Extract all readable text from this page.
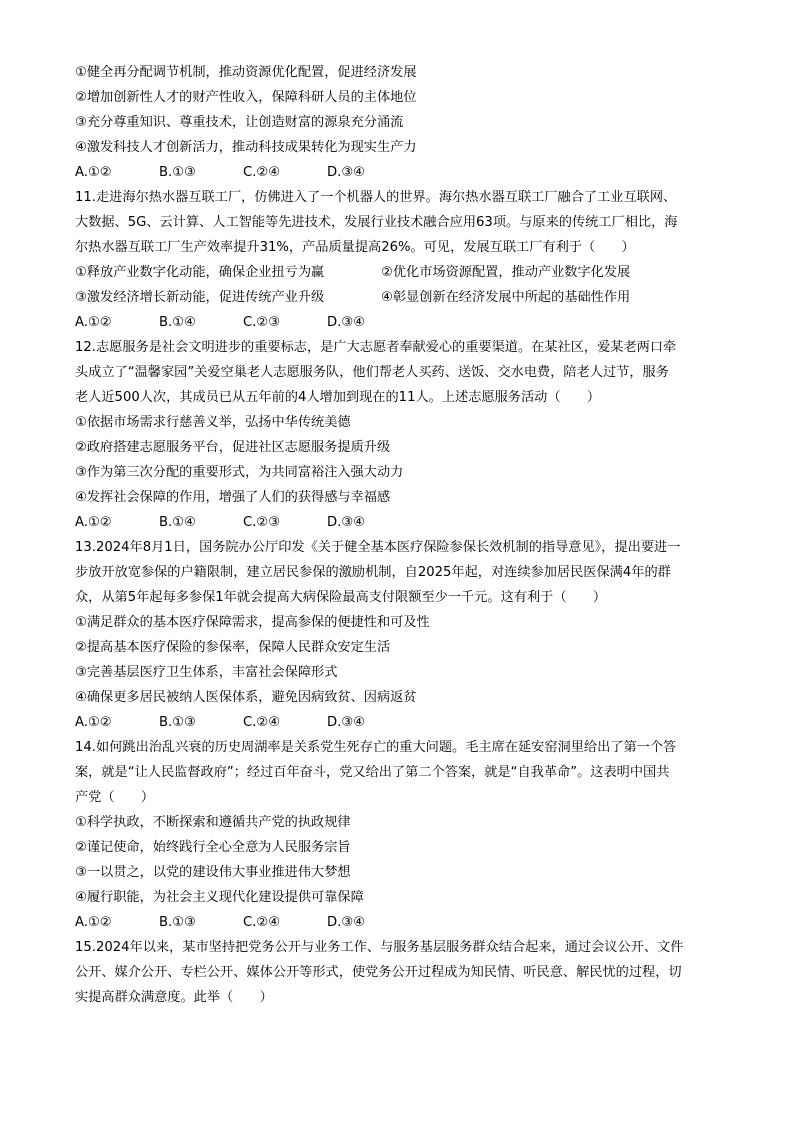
①健全再分配调节机制，推动资源优化配置，促进经济发展
②增加创新性人才的财产性收入，保障科研人员的主体地位
③充分尊重知识、尊重技术，让创造财富的源泉充分涌流
④激发科技人才创新活力，推动科技成果转化为现实生产力
A.①②	B.①③	C.②④	D.③④
11.走进海尔热水器互联工厂，仿佛进入了一个机器人的世界。海尔热水器互联工厂融合了工业互联网、
大数据、5G、云计算、人工智能等先进技术，发展行业技术融合应用63项。与原来的传统工厂相比，海
尔热水器互联工厂生产效率提升31%，产品质量提高26%。可见，发展互联工厂有利于（　　）
①释放产业数字化动能，确保企业扭亏为赢	②优化市场资源配置，推动产业数字化发展
③激发经济增长新动能，促进传统产业升级	④彰显创新在经济发展中所起的基础性作用
A.①②	B.①④	C.②③	D.③④
12.志愿服务是社会文明进步的重要标志，是广大志愿者奉献爱心的重要渠道。在某社区，爱某老两口牵
头成立了“温馨家园”关爱空巢老人志愿服务队，他们帮老人买药、送饭、交水电费，陪老人过节，服务
老人近500人次，其成员已从五年前的4人增加到现在的11人。上述志愿服务活动（　　）
①依据市场需求行慈善义举，弘扬中华传统美德
②政府搭建志愿服务平台，促进社区志愿服务提质升级
③作为第三次分配的重要形式，为共同富裕注入强大动力
④发挥社会保障的作用，增强了人们的获得感与幸福感
A.①②	B.①④	C.②③	D.③④
13.2024年8月1日，国务院办公厅印发《关于健全基本医疗保险参保长效机制的指导意见》，提出要进一
步放开放宽参保的户籍限制，建立居民参保的激励机制，自2025年起，对连续参加居民医保满4年的群
众，从第5年起每多参保1年就会提高大病保险最高支付限额至少一千元。这有利于（　　）
①满足群众的基本医疗保障需求，提高参保的便捷性和可及性
②提高基本医疗保险的参保率，保障人民群众安定生活
③完善基层医疗卫生体系，丰富社会保障形式
④确保更多居民被纳人医保体系，避免因病致贫、因病返贫
A.①②	B.①③	C.②④	D.③④
14.如何跳出治乱兴衰的历史周湖率是关系党生死存亡的重大问题。毛主席在延安窑洞里给出了第一个答
案，就是“让人民监督政府”；经过百年奋斗，党又给出了第二个答案，就是“自我革命”。这表明中国共
产党（　　）
①科学执政，不断探索和遵循共产党的执政规律
②谨记使命，始终践行全心全意为人民服务宗旨
③一以贯之，以党的建设伟大事业推进伟大梦想
④履行职能，为社会主义现代化建设提供可靠保障
A.①②	B.①③	C.②④	D.③④
15.2024年以来，某市坚持把党务公开与业务工作、与服务基层服务群众结合起来，通过会议公开、文件
公开、媒介公开、专栏公开、媒体公开等形式，使党务公开过程成为知民情、听民意、解民忧的过程，切
实提高群众满意度。此举（　　）
